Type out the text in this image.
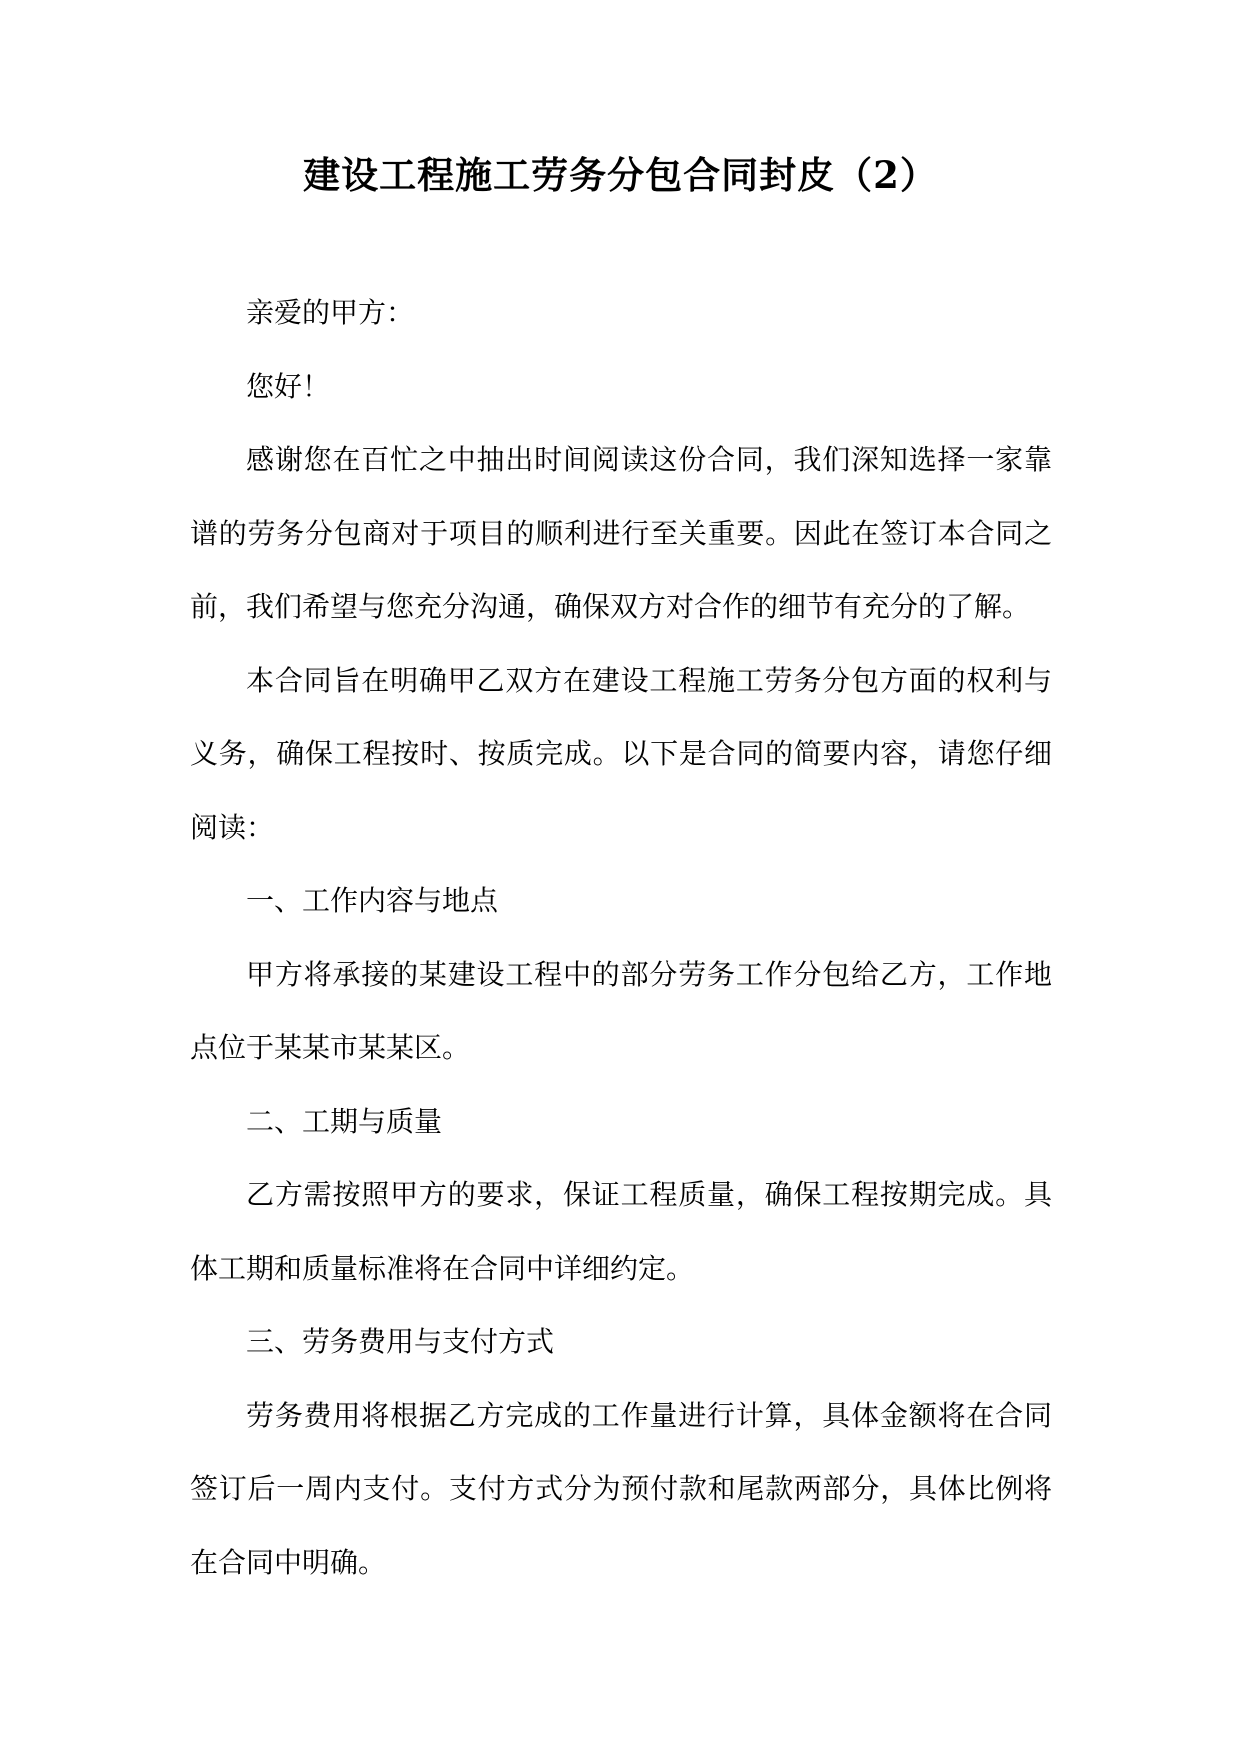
建设工程施工劳务分包合同封皮（2）

亲爱的甲方：

您好！

感谢您在百忙之中抽出时间阅读这份合同，我们深知选择一家靠谱的劳务分包商对于项目的顺利进行至关重要。因此在签订本合同之前，我们希望与您充分沟通，确保双方对合作的细节有充分的了解。

本合同旨在明确甲乙双方在建设工程施工劳务分包方面的权利与义务，确保工程按时、按质完成。以下是合同的简要内容，请您仔细阅读：

一、工作内容与地点

甲方将承接的某建设工程中的部分劳务工作分包给乙方，工作地点位于某某市某某区。

二、工期与质量

乙方需按照甲方的要求，保证工程质量，确保工程按期完成。具体工期和质量标准将在合同中详细约定。

三、劳务费用与支付方式

劳务费用将根据乙方完成的工作量进行计算，具体金额将在合同签订后一周内支付。支付方式分为预付款和尾款两部分，具体比例将在合同中明确。
